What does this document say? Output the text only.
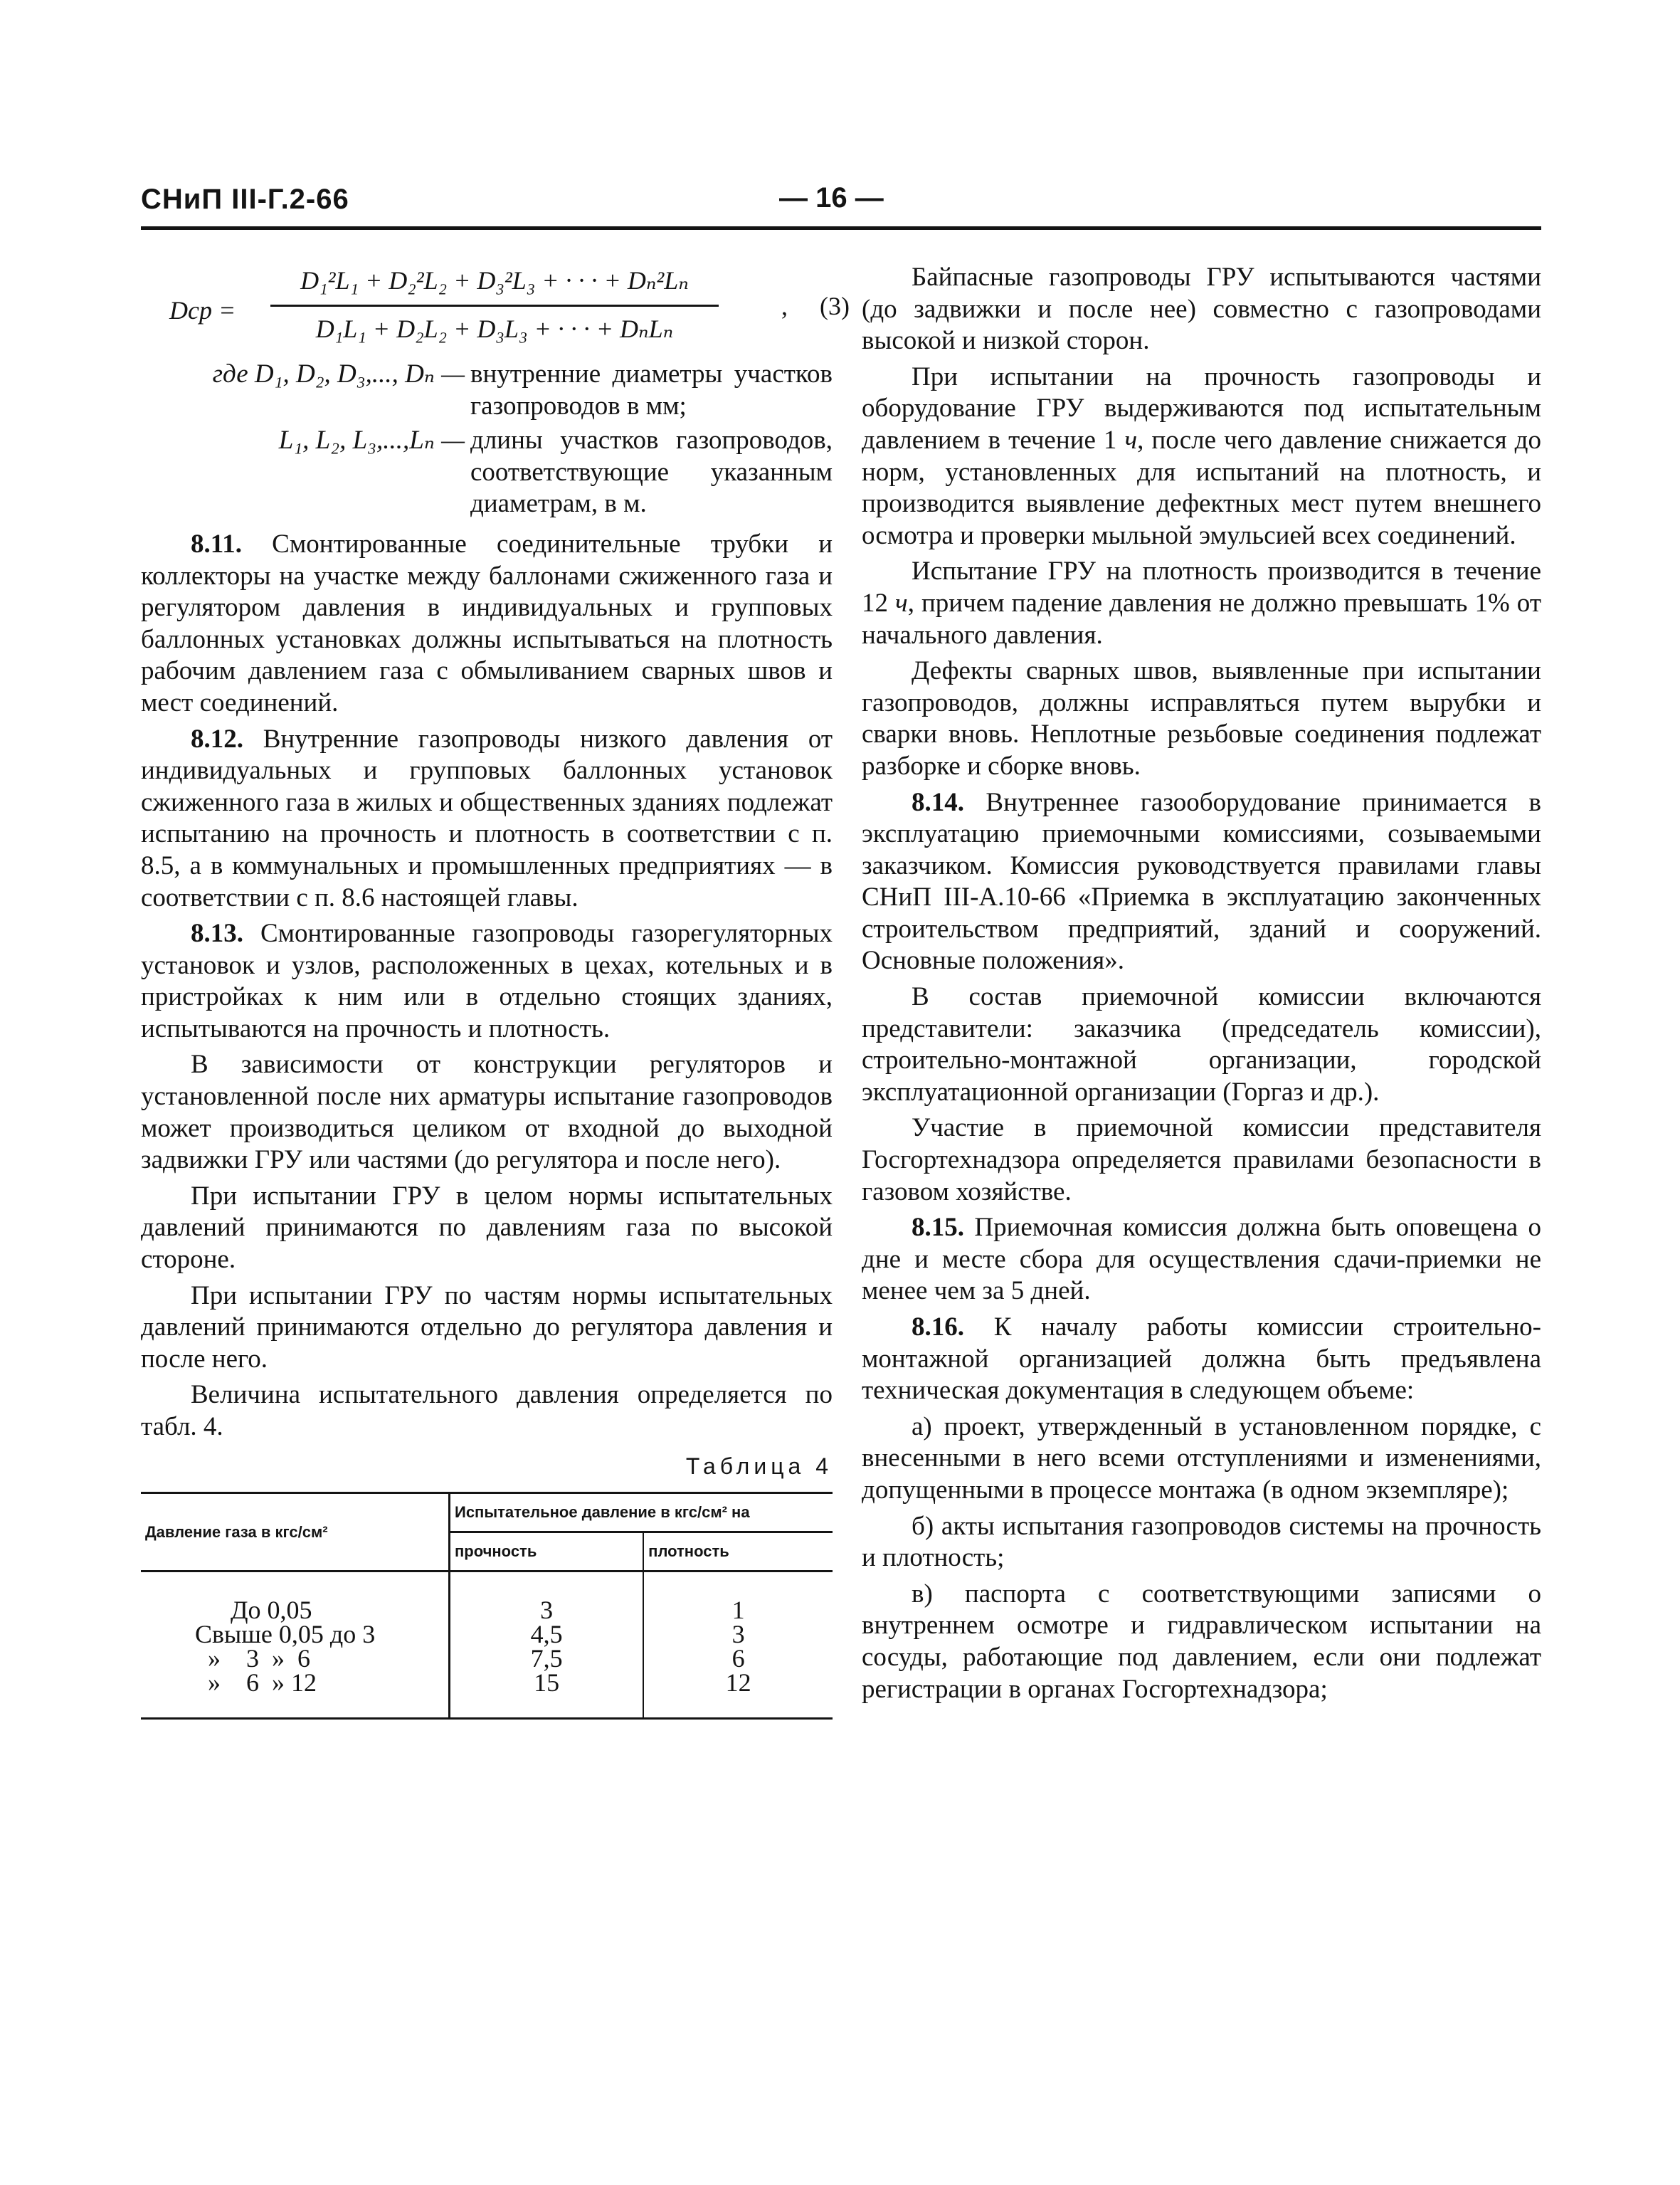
СНиП III-Г.2-66	— 16 —
Dср =
D₁²L₁ + D₂²L₂ + D₃²L₃ + · · · + Dₙ²Lₙ
D₁L₁ + D₂L₂ + D₃L₃ + · · · + DₙLₙ
, (3)
где D₁, D₂, D₃,..., Dₙ — внутренние диаметры участков газопроводов в мм;
L₁, L₂, L₃,...,Lₙ — длины участков газопроводов, соответствующие указанным диаметрам, в м.

8.11. Смонтированные соединительные трубки и коллекторы на участке между баллонами сжиженного газа и регулятором давления в индивидуальных и групповых баллонных установках должны испытываться на плотность рабочим давлением газа с обмыливанием сварных швов и мест соединений.

8.12. Внутренние газопроводы низкого давления от индивидуальных и групповых баллонных установок сжиженного газа в жилых и общественных зданиях подлежат испытанию на прочность и плотность в соответствии с п. 8.5, а в коммунальных и промышленных предприятиях — в соответствии с п. 8.6 настоящей главы.

8.13. Смонтированные газопроводы газорегуляторных установок и узлов, расположенных в цехах, котельных и в пристройках к ним или в отдельно стоящих зданиях, испытываются на прочность и плотность.

В зависимости от конструкции регуляторов и установленной после них арматуры испытание газопроводов может производиться целиком от входной до выходной задвижки ГРУ или частями (до регулятора и после него).

При испытании ГРУ в целом нормы испытательных давлений принимаются по давлениям газа по высокой стороне.

При испытании ГРУ по частям нормы испытательных давлений принимаются отдельно до регулятора давления и после него.

Величина испытательного давления определяется по табл. 4.

Таблица 4
Давление газа в кгс/см²	Испытательное давление в кгс/см² на	
	прочность	плотность
До 0,05	3	1
Свыше 0,05 до 3	4,5	3
»    3  »  6	7,5	6
»    6  » 12	15	12

Байпасные газопроводы ГРУ испытываются частями (до задвижки и после нее) совместно с газопроводами высокой и низкой сторон.

При испытании на прочность газопроводы и оборудование ГРУ выдерживаются под испытательным давлением в течение 1 ч, после чего давление снижается до норм, установленных для испытаний на плотность, и производится выявление дефектных мест путем внешнего осмотра и проверки мыльной эмульсией всех соединений.

Испытание ГРУ на плотность производится в течение 12 ч, причем падение давления не должно превышать 1% от начального давления.

Дефекты сварных швов, выявленные при испытании газопроводов, должны исправляться путем вырубки и сварки вновь. Неплотные резьбовые соединения подлежат разборке и сборке вновь.

8.14. Внутреннее газооборудование принимается в эксплуатацию приемочными комиссиями, созываемыми заказчиком. Комиссия руководствуется правилами главы СНиП III-А.10-66 «Приемка в эксплуатацию законченных строительством предприятий, зданий и сооружений. Основные положения».

В состав приемочной комиссии включаются представители: заказчика (председатель комиссии), строительно-монтажной организации, городской эксплуатационной организации (Горгаз и др.).

Участие в приемочной комиссии представителя Госгортехнадзора определяется правилами безопасности в газовом хозяйстве.

8.15. Приемочная комиссия должна быть оповещена о дне и месте сбора для осуществления сдачи-приемки не менее чем за 5 дней.

8.16. К началу работы комиссии строительно-монтажной организацией должна быть предъявлена техническая документация в следующем объеме:

а) проект, утвержденный в установленном порядке, с внесенными в него всеми отступлениями и изменениями, допущенными в процессе монтажа (в одном экземпляре);

б) акты испытания газопроводов системы на прочность и плотность;

в) паспорта с соответствующими записями о внутреннем осмотре и гидравлическом испытании на сосуды, работающие под давлением, если они подлежат регистрации в органах Госгортехнадзора;
